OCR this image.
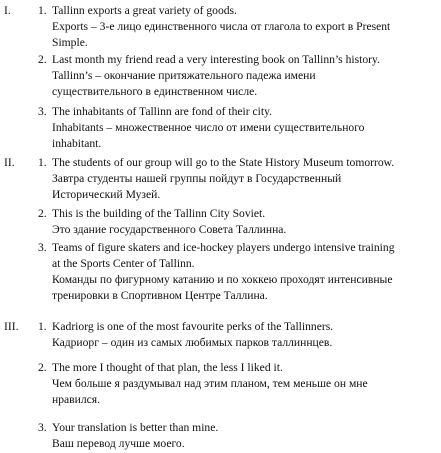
I. 1. Tallinn exports a great variety of goods.
Exports – 3-е лицо единственного числа от глагола to export в Present
Simple.
2. Last month my friend read a very interesting book on Tallinn’s history.
Tallinn’s – окончание притяжательного падежа имени
существительного в единственном числе.
3. The inhabitants of Tallinn are fond of their city.
Inhabitants – множественное число от имени существительного
inhabitant.
II. 1. The students of our group will go to the State History Museum tomorrow.
Завтра студенты нашей группы пойдут в Государственный
Исторический Музей.
2. This is the building of the Tallinn City Soviet.
Это здание государственного Совета Таллинна.
3. Teams of figure skaters and ice-hockey players undergo intensive training
at the Sports Center of Tallinn.
Команды по фигурному катанию и по хоккею проходят интенсивные
тренировки в Спортивном Центре Таллина.
III. 1. Kadriorg is one of the most favourite perks of the Tallinners.
Кадриорг – один из самых любимых парков таллиннцев.
2. The more I thought of that plan, the less I liked it.
Чем больше я раздумывал над этим планом, тем меньше он мне
нравился.
3. Your translation is better than mine.
Ваш перевод лучше моего.
